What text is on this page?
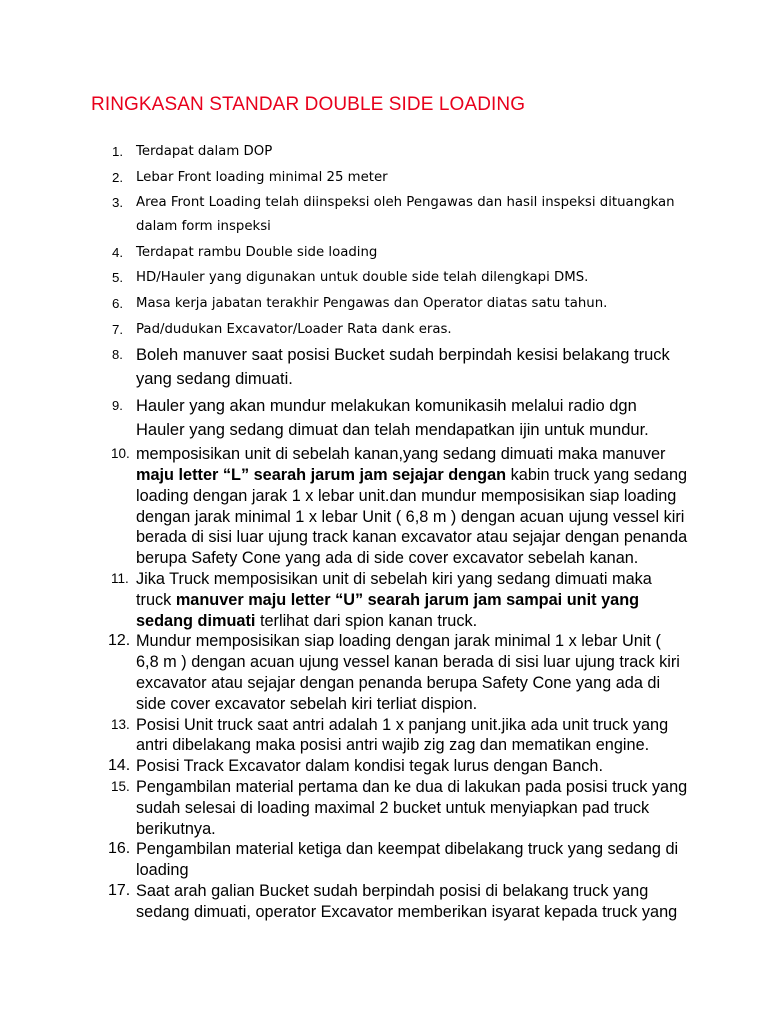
RINGKASAN STANDAR DOUBLE SIDE LOADING
1. Terdapat dalam DOP
2. Lebar Front loading minimal 25 meter
3. Area Front Loading telah diinspeksi oleh Pengawas dan hasil inspeksi dituangkan dalam form inspeksi
4. Terdapat rambu Double side loading
5. HD/Hauler yang digunakan untuk double side telah dilengkapi DMS.
6. Masa kerja jabatan terakhir Pengawas dan Operator diatas satu tahun.
7. Pad/dudukan Excavator/Loader Rata dank eras.
8. Boleh manuver saat posisi Bucket sudah berpindah kesisi belakang truck yang sedang dimuati.
9. Hauler yang akan mundur melakukan komunikasih melalui radio dgn Hauler yang sedang dimuat dan telah mendapatkan ijin untuk mundur.
10. memposisikan unit di sebelah kanan,yang sedang dimuati maka manuver maju letter “L” searah jarum jam sejajar dengan kabin truck yang sedang loading dengan jarak 1 x lebar unit.dan mundur memposisikan siap loading dengan jarak minimal 1 x lebar Unit ( 6,8 m ) dengan acuan ujung vessel kiri berada di sisi luar ujung track kanan excavator atau sejajar dengan penanda berupa Safety Cone yang ada di side cover excavator sebelah kanan.
11. Jika Truck memposisikan unit di sebelah kiri yang sedang dimuati maka truck manuver maju letter “U” searah jarum jam sampai unit yang sedang dimuati terlihat dari spion kanan truck.
12. Mundur memposisikan siap loading dengan jarak minimal 1 x lebar Unit ( 6,8 m ) dengan acuan ujung vessel kanan berada di sisi luar ujung track kiri excavator atau sejajar dengan penanda berupa Safety Cone yang ada di side cover excavator sebelah kiri terliat dispion.
13. Posisi Unit truck saat antri adalah 1 x panjang unit.jika ada unit truck yang antri dibelakang maka posisi antri wajib zig zag dan mematikan engine.
14. Posisi Track Excavator dalam kondisi tegak lurus dengan Banch.
15. Pengambilan material pertama dan ke dua di lakukan pada posisi truck yang sudah selesai di loading maximal 2 bucket untuk menyiapkan pad truck berikutnya.
16. Pengambilan material ketiga dan keempat dibelakang truck yang sedang di loading
17. Saat arah galian Bucket sudah berpindah posisi di belakang truck yang sedang dimuati, operator Excavator memberikan isyarat kepada truck yang
